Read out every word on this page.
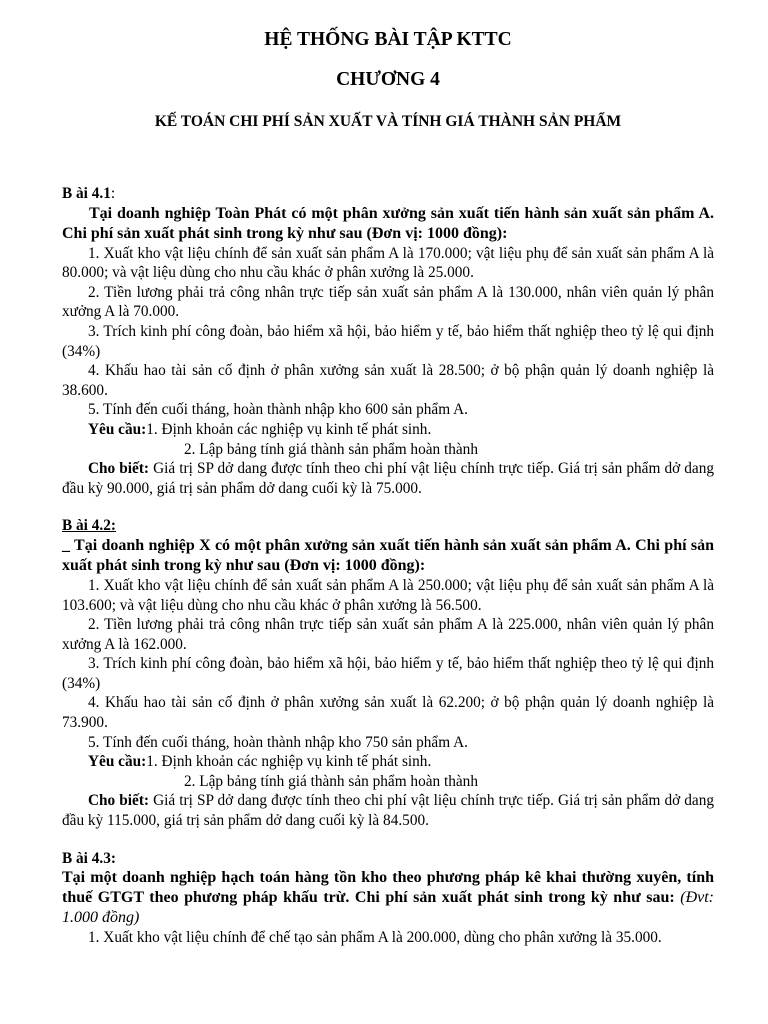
HỆ THỐNG BÀI TẬP KTTC

CHƯƠNG 4

KẾ TOÁN CHI PHÍ SẢN XUẤT VÀ TÍNH GIÁ THÀNH SẢN PHẨM

B ài 4.1:

Tại doanh nghiệp Toàn Phát có một phân xưởng sản xuất tiến hành sản xuất sản phẩm A. Chi phí sản xuất phát sinh trong kỳ như sau (Đơn vị: 1000 đồng):

1. Xuất kho vật liệu chính để sản xuất sản phẩm A là 170.000; vật liệu phụ để sản xuất sản phẩm A là 80.000; và vật liệu dùng cho nhu cầu khác ở phân xưởng là 25.000.

2. Tiền lương phải trả công nhân trực tiếp sản xuất sản phẩm A là 130.000, nhân viên quản lý phân xưởng A là 70.000.

3. Trích kinh phí công đoàn, bảo hiểm xã hội, bảo hiểm y tế, bảo hiểm thất nghiệp theo tỷ lệ qui định (34%)

4. Khấu hao tài sản cố định ở phân xưởng sản xuất là 28.500; ở bộ phận quản lý doanh nghiệp là 38.600.

5. Tính đến cuối tháng, hoàn thành nhập kho 600 sản phẩm A.

Yêu cầu:1. Định khoản các nghiệp vụ kinh tế phát sinh.

2. Lập bảng tính giá thành sản phẩm hoàn thành

Cho biết: Giá trị SP dở dang được tính theo chi phí vật liệu chính trực tiếp. Giá trị sản phẩm dở dang đầu kỳ 90.000, giá trị sản phẩm dở dang cuối kỳ là 75.000.

B ài 4.2:

_ Tại doanh nghiệp X có một phân xưởng sản xuất tiến hành sản xuất sản phẩm A. Chi phí sản xuất phát sinh trong kỳ như sau (Đơn vị: 1000 đồng):

1. Xuất kho vật liệu chính để sản xuất sản phẩm A là 250.000; vật liệu phụ để sản xuất sản phẩm A là 103.600; và vật liệu dùng cho nhu cầu khác ở phân xưởng là 56.500.

2. Tiền lương phải trả công nhân trực tiếp sản xuất sản phẩm A là 225.000, nhân viên quản lý phân xưởng A là 162.000.

3. Trích kinh phí công đoàn, bảo hiểm xã hội, bảo hiểm y tế, bảo hiểm thất nghiệp theo tỷ lệ qui định (34%)

4. Khấu hao tài sản cố định ở phân xưởng sản xuất là 62.200; ở bộ phận quản lý doanh nghiệp là 73.900.

5. Tính đến cuối tháng, hoàn thành nhập kho 750 sản phẩm A.

Yêu cầu:1. Định khoản các nghiệp vụ kinh tế phát sinh.

2. Lập bảng tính giá thành sản phẩm hoàn thành

Cho biết: Giá trị SP dở dang được tính theo chi phí vật liệu chính trực tiếp. Giá trị sản phẩm dở dang đầu kỳ 115.000, giá trị sản phẩm dở dang cuối kỳ là 84.500.

B ài 4.3:

Tại một doanh nghiệp hạch toán hàng tồn kho theo phương pháp kê khai thường xuyên, tính thuế GTGT theo phương pháp khấu trừ. Chi phí sản xuất phát sinh trong kỳ như sau: (Đvt: 1.000 đồng)

1. Xuất kho vật liệu chính để chế tạo sản phẩm A là 200.000, dùng cho phân xưởng là 35.000.
